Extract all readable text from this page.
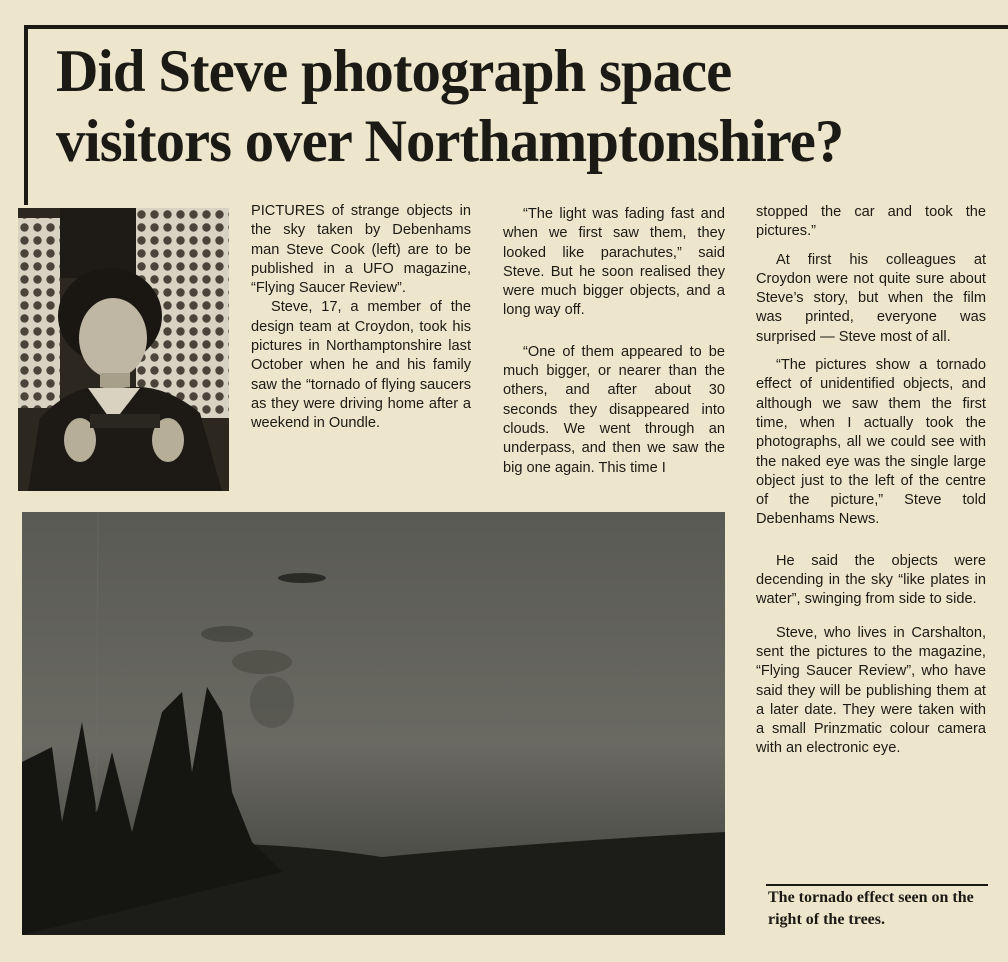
Did Steve photograph space
visitors over Northamptonshire?

PICTURES of strange objects in the sky taken by Debenhams man Steve Cook (left) are to be published in a UFO magazine, “Flying Saucer Review”.

Steve, 17, a member of the design team at Croydon, took his pictures in Northamptonshire last October when he and his family saw the “tornado of flying saucers as they were driving home after a weekend in Oundle.

“The light was fading fast and when we first saw them, they looked like parachutes,” said Steve. But he soon realised they were much bigger objects, and a long way off.

“One of them appeared to be much bigger, or nearer than the others, and after about 30 seconds they disappeared into clouds. We went through an underpass, and then we saw the big one again. This time I

stopped the car and took the pictures.”

At first his colleagues at Croydon were not quite sure about Steve’s story, but when the film was printed, everyone was surprised — Steve most of all.

“The pictures show a tornado effect of unidentified objects, and although we saw them the first time, when I actually took the photographs, all we could see with the naked eye was the single large object just to the left of the centre of the picture,” Steve told Debenhams News.

He said the objects were decending in the sky “like plates in water”, swinging from side to side.

Steve, who lives in Carshalton, sent the pictures to the magazine, “Flying Saucer Review”, who have said they will be publishing them at a later date. They were taken with a small Prinzmatic colour camera with an electronic eye.

The tornado effect seen on the right of the trees.
